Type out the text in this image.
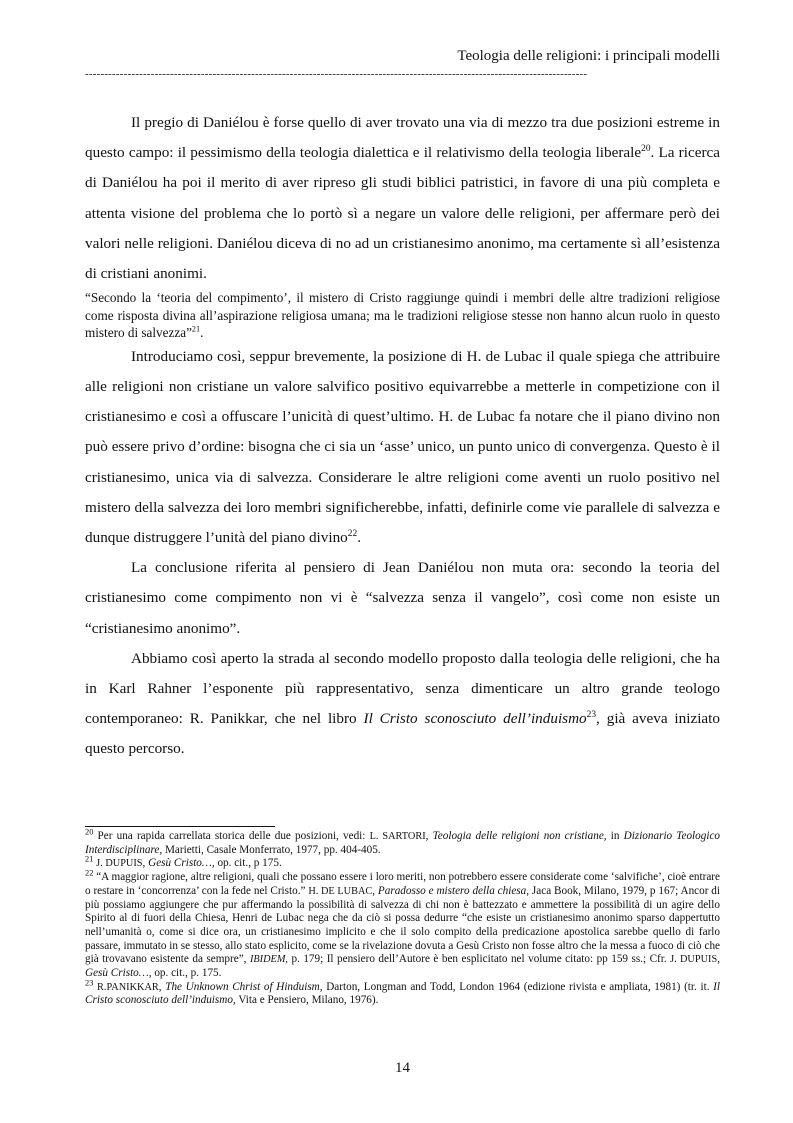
Teologia delle religioni: i principali modelli
----------------------------------------------------------------------------------------------------------------------------------

Il pregio di Daniélou è forse quello di aver trovato una via di mezzo tra due posizioni estreme in questo campo: il pessimismo della teologia dialettica e il relativismo della teologia liberale$^{20}$. La ricerca di Daniélou ha poi il merito di aver ripreso gli studi biblici patristici, in favore di una più completa e attenta visione del problema che lo portò sì a negare un valore delle religioni, per affermare però dei valori nelle religioni. Daniélou diceva di no ad un cristianesimo anonimo, ma certamente sì all’esistenza di cristiani anonimi.

“Secondo la ‘teoria del compimento’, il mistero di Cristo raggiunge quindi i membri delle altre tradizioni religiose come risposta divina all’aspirazione religiosa umana; ma le tradizioni religiose stesse non hanno alcun ruolo in questo mistero di salvezza”$^{21}$.

Introduciamo così, seppur brevemente, la posizione di H. de Lubac il quale spiega che attribuire alle religioni non cristiane un valore salvifico positivo equivarrebbe a metterle in competizione con il cristianesimo e così a offuscare l’unicità di quest’ultimo. H. de Lubac fa notare che il piano divino non può essere privo d’ordine: bisogna che ci sia un ‘asse’ unico, un punto unico di convergenza. Questo è il cristianesimo, unica via di salvezza. Considerare le altre religioni come aventi un ruolo positivo nel mistero della salvezza dei loro membri significherebbe, infatti, definirle come vie parallele di salvezza e dunque distruggere l’unità del piano divino$^{22}$.

La conclusione riferita al pensiero di Jean Daniélou non muta ora: secondo la teoria del cristianesimo come compimento non vi è “salvezza senza il vangelo”, così come non esiste un “cristianesimo anonimo”.

Abbiamo così aperto la strada al secondo modello proposto dalla teologia delle religioni, che ha in Karl Rahner l’esponente più rappresentativo, senza dimenticare un altro grande teologo contemporaneo: R. Panikkar, che nel libro Il Cristo sconosciuto dell’induismo$^{23}$, già aveva iniziato questo percorso.

$^{20}$ Per una rapida carrellata storica delle due posizioni, vedi: L. SARTORI, Teologia delle religioni non cristiane, in Dizionario Teologico Interdisciplinare, Marietti, Casale Monferrato, 1977, pp. 404-405.

$^{21}$ J. DUPUIS, Gesù Cristo…, op. cit., p 175.

$^{22}$ “A maggior ragione, altre religioni, quali che possano essere i loro meriti, non potrebbero essere considerate come ‘salvifiche’, cioè entrare o restare in ‘concorrenza’ con la fede nel Cristo.” H. DE LUBAC, Paradosso e mistero della chiesa, Jaca Book, Milano, 1979, p 167; Ancor di più possiamo aggiungere che pur affermando la possibilità di salvezza di chi non è battezzato e ammettere la possibilità di un agire dello Spirito al di fuori della Chiesa, Henri de Lubac nega che da ciò si possa dedurre “che esiste un cristianesimo anonimo sparso dappertutto nell’umanità o, come si dice ora, un cristianesimo implicito e che il solo compito della predicazione apostolica sarebbe quello di farlo passare, immutato in se stesso, allo stato esplicito, come se la rivelazione dovuta a Gesù Cristo non fosse altro che la messa a fuoco di ciò che già trovavano esistente da sempre”, IBIDEM, p. 179; Il pensiero dell’Autore è ben esplicitato nel volume citato: pp 159 ss.; Cfr. J. DUPUIS, Gesù Cristo…, op. cit., p. 175.

$^{23}$ R.PANIKKAR, The Unknown Christ of Hinduism, Darton, Longman and Todd, London 1964 (edizione rivista e ampliata, 1981) (tr. it. Il Cristo sconosciuto dell’induismo, Vita e Pensiero, Milano, 1976).

14
